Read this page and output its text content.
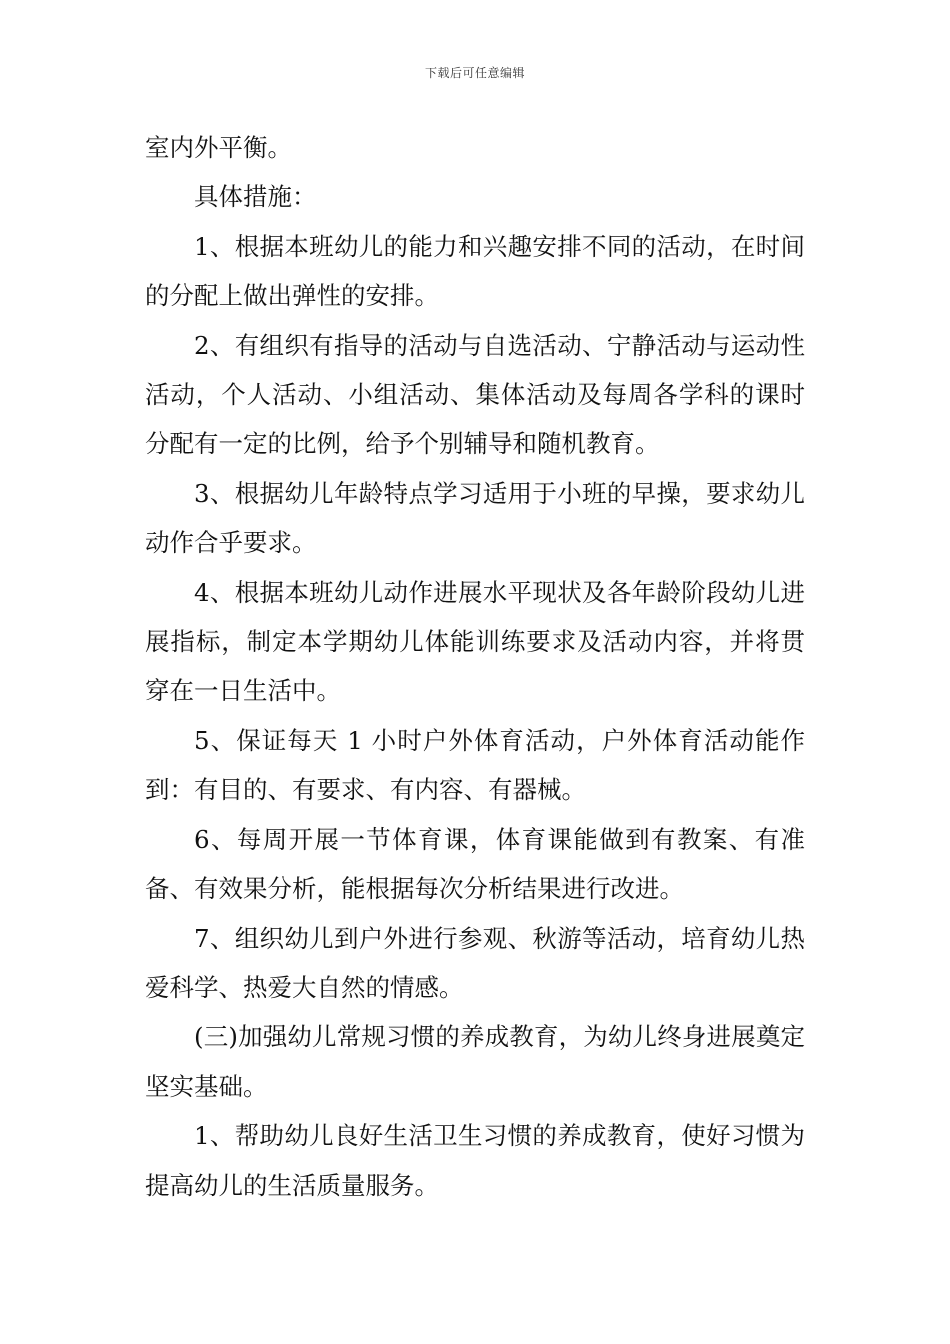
下载后可任意编辑

室内外平衡。

具体措施：

1、根据本班幼儿的能力和兴趣安排不同的活动，在时间的分配上做出弹性的安排。

2、有组织有指导的活动与自选活动、宁静活动与运动性活动，个人活动、小组活动、集体活动及每周各学科的课时分配有一定的比例，给予个别辅导和随机教育。

3、根据幼儿年龄特点学习适用于小班的早操，要求幼儿动作合乎要求。

4、根据本班幼儿动作进展水平现状及各年龄阶段幼儿进展指标，制定本学期幼儿体能训练要求及活动内容，并将贯穿在一日生活中。

5、保证每天 1 小时户外体育活动，户外体育活动能作到：有目的、有要求、有内容、有器械。

6、每周开展一节体育课，体育课能做到有教案、有准备、有效果分析，能根据每次分析结果进行改进。

7、组织幼儿到户外进行参观、秋游等活动，培育幼儿热爱科学、热爱大自然的情感。

(三)加强幼儿常规习惯的养成教育，为幼儿终身进展奠定坚实基础。

1、帮助幼儿良好生活卫生习惯的养成教育，使好习惯为提高幼儿的生活质量服务。
